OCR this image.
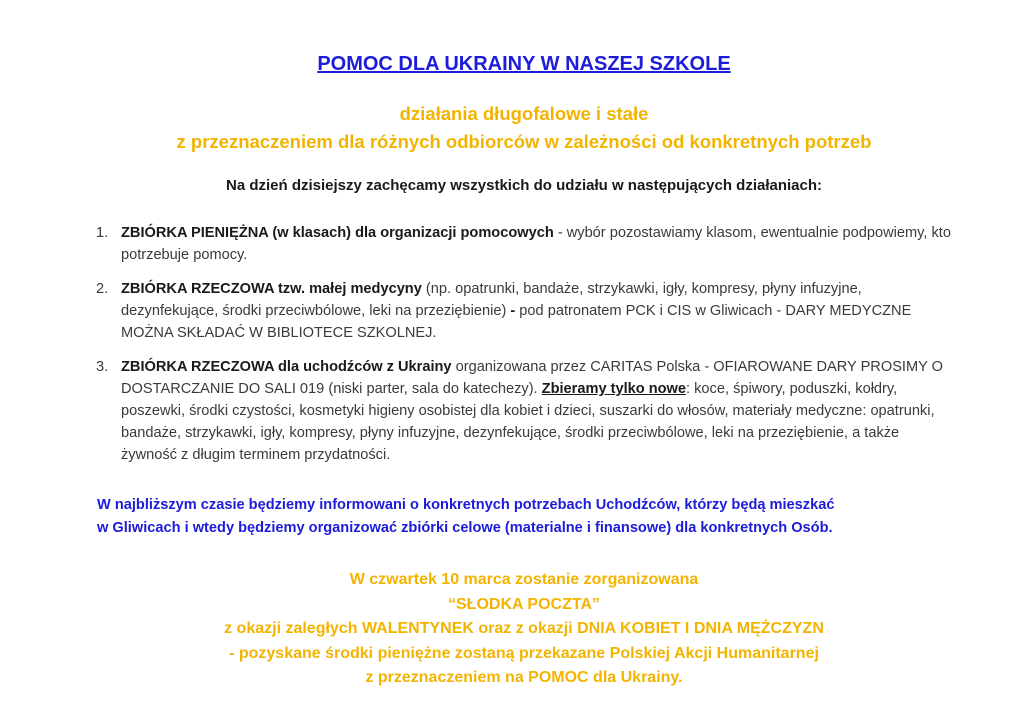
POMOC DLA UKRAINY W NASZEJ SZKOLE
działania długofalowe i stałe
z przeznaczeniem dla różnych odbiorców w zależności od konkretnych potrzeb
Na dzień dzisiejszy zachęcamy wszystkich do udziału w następujących działaniach:
1. ZBIÓRKA PIENIĘŻNA (w klasach) dla organizacji pomocowych - wybór pozostawiamy klasom, ewentualnie podpowiemy, kto potrzebuje pomocy.
2. ZBIÓRKA RZECZOWA tzw. małej medycyny (np. opatrunki, bandaże, strzykawki, igły, kompresy, płyny infuzyjne, dezynfekujące, środki przeciwbólowe, leki na przeziębienie) - pod patronatem PCK i CIS w Gliwicach - DARY MEDYCZNE MOŻNA SKŁADAĆ W BIBLIOTECE SZKOLNEJ.
3. ZBIÓRKA RZECZOWA dla uchodźców z Ukrainy organizowana przez CARITAS Polska - OFIAROWANE DARY PROSIMY O DOSTARCZANIE DO SALI 019 (niski parter, sala do katechezy). Zbieramy tylko nowe: koce, śpiwory, poduszki, kołdry, poszewki, środki czystości, kosmetyki higieny osobistej dla kobiet i dzieci, suszarki do włosów, materiały medyczne: opatrunki, bandaże, strzykawki, igły, kompresy, płyny infuzyjne, dezynfekujące, środki przeciwbólowe, leki na przeziębienie, a także żywność z długim terminem przydatności.
W najbliższym czasie będziemy informowani o konkretnych potrzebach Uchodźców, którzy będą mieszkać
w Gliwicach i wtedy będziemy organizować zbiórki celowe (materialne i finansowe) dla konkretnych Osób.
W czwartek 10 marca zostanie zorganizowana
“SŁODKA POCZTA”
z okazji zaległych WALENTYNEK oraz z okazji DNIA KOBIET I DNIA MĘŻCZYZN
- pozyskane środki pieniężne zostaną przekazane Polskiej Akcji Humanitarnej
z przeznaczeniem na POMOC dla Ukrainy.
